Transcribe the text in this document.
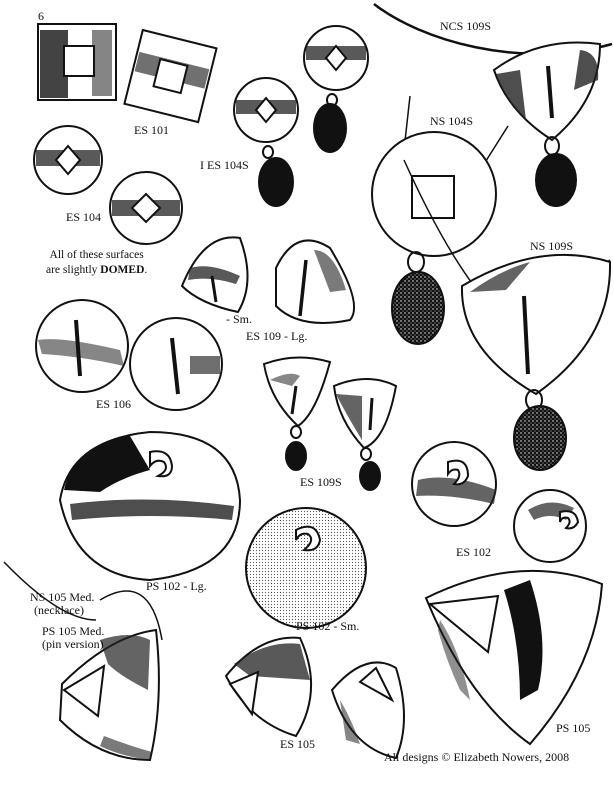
6
ES 101
ES 104
I ES 104S
NCS 109S
NS 104S
NS 109S
All of these surfaces
are slightly DOMED.
- Sm.
ES 109 - Lg.
ES 106
ES 109S
ES 102
PS 102 - Lg.
PS 102 - Sm.
NS 105 Med.
(necklace)
PS 105 Med.
(pin version)
ES 105
PS 105
All designs © Elizabeth Nowers, 2008
